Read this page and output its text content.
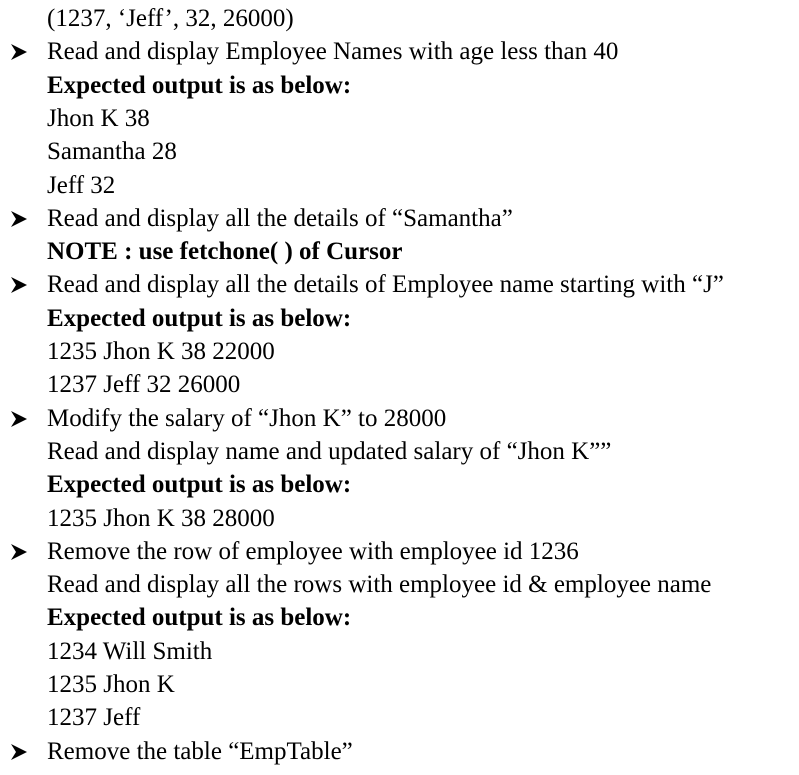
(1237, ‘Jeff’, 32, 26000)
Read and display Employee Names with age less than 40
Expected output is as below:
Jhon K 38
Samantha 28
Jeff 32
Read and display all the details of “Samantha”
NOTE : use fetchone( ) of Cursor
Read and display all the details of Employee name starting with “J”
Expected output is as below:
1235 Jhon K 38 22000
1237 Jeff 32 26000
Modify the salary of “Jhon K” to 28000
Read and display name and updated salary of “Jhon K””
Expected output is as below:
1235 Jhon K 38 28000
Remove the row of employee with employee id 1236
Read and display all the rows with employee id & employee name
Expected output is as below:
1234 Will Smith
1235 Jhon K
1237 Jeff
Remove the table “EmpTable”
